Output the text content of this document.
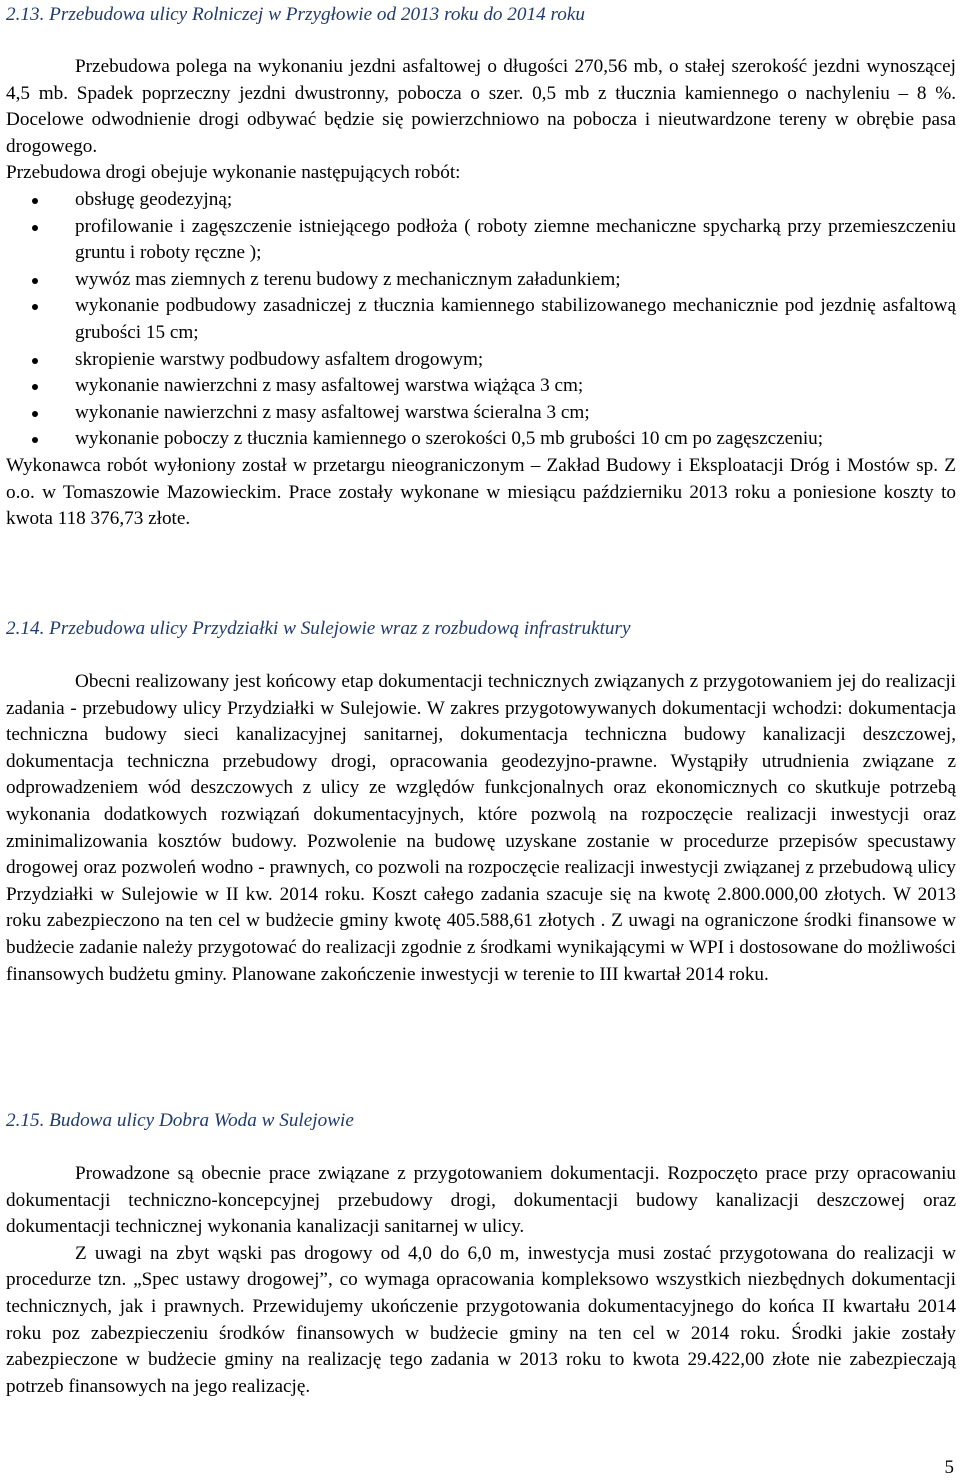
2.13. Przebudowa ulicy Rolniczej w Przygłowie od 2013 roku do 2014 roku

Przebudowa polega na wykonaniu jezdni asfaltowej o długości 270,56 mb, o stałej szerokość jezdni wynoszącej 4,5 mb. Spadek poprzeczny jezdni dwustronny, pobocza o szer. 0,5 mb z tłucznia kamiennego o nachyleniu – 8 %. Docelowe odwodnienie drogi odbywać będzie się powierzchniowo na pobocza i nieutwardzone tereny w obrębie pasa drogowego.

Przebudowa drogi obejuje wykonanie następujących robót:

obsługę geodezyjną;
profilowanie i zagęszczenie istniejącego podłoża ( roboty ziemne mechaniczne spycharką przy przemieszczeniu gruntu i roboty ręczne );
wywóz mas ziemnych z terenu budowy z mechanicznym załadunkiem;
wykonanie podbudowy zasadniczej z tłucznia kamiennego stabilizowanego mechanicznie pod jezdnię asfaltową grubości 15 cm;
skropienie warstwy podbudowy asfaltem drogowym;
wykonanie nawierzchni z masy asfaltowej warstwa wiążąca 3 cm;
wykonanie nawierzchni z masy asfaltowej warstwa ścieralna 3 cm;
wykonanie poboczy z tłucznia kamiennego o szerokości 0,5 mb grubości 10 cm po zagęszczeniu;

Wykonawca robót wyłoniony został w przetargu nieograniczonym – Zakład Budowy i Eksploatacji Dróg i Mostów sp. Z o.o. w Tomaszowie Mazowieckim. Prace zostały wykonane w miesiącu październiku 2013 roku a poniesione koszty to kwota 118 376,73 złote.

2.14. Przebudowa ulicy Przydziałki w Sulejowie wraz z rozbudową infrastruktury

Obecni realizowany jest końcowy etap dokumentacji technicznych związanych z przygotowaniem jej do realizacji zadania - przebudowy ulicy Przydziałki w Sulejowie. W zakres przygotowywanych dokumentacji wchodzi: dokumentacja techniczna budowy sieci kanalizacyjnej sanitarnej, dokumentacja techniczna budowy kanalizacji deszczowej, dokumentacja techniczna przebudowy drogi, opracowania geodezyjno-prawne. Wystąpiły utrudnienia związane z odprowadzeniem wód deszczowych z ulicy ze względów funkcjonalnych oraz ekonomicznych co skutkuje potrzebą wykonania dodatkowych rozwiązań dokumentacyjnych, które pozwolą na rozpoczęcie realizacji inwestycji oraz zminimalizowania kosztów budowy. Pozwolenie na budowę uzyskane zostanie w procedurze przepisów specustawy drogowej oraz pozwoleń wodno - prawnych, co pozwoli na rozpoczęcie realizacji inwestycji związanej z przebudową ulicy Przydziałki w Sulejowie w II kw. 2014 roku. Koszt całego zadania szacuje się na kwotę 2.800.000,00 złotych. W 2013 roku zabezpieczono na ten cel w budżecie gminy kwotę 405.588,61 złotych . Z uwagi na ograniczone środki finansowe w budżecie zadanie należy przygotować do realizacji zgodnie z środkami wynikającymi w WPI i dostosowane do możliwości finansowych budżetu gminy. Planowane zakończenie inwestycji w terenie to III kwartał 2014 roku.

2.15. Budowa ulicy Dobra Woda w Sulejowie

Prowadzone są obecnie prace związane z przygotowaniem dokumentacji. Rozpoczęto prace przy opracowaniu dokumentacji techniczno-koncepcyjnej przebudowy drogi, dokumentacji budowy kanalizacji deszczowej oraz dokumentacji technicznej wykonania kanalizacji sanitarnej w ulicy.

Z uwagi na zbyt wąski pas drogowy od 4,0 do 6,0 m, inwestycja musi zostać przygotowana do realizacji w procedurze tzn. „Spec ustawy drogowej”, co wymaga opracowania kompleksowo wszystkich niezbędnych dokumentacji technicznych, jak i prawnych. Przewidujemy ukończenie przygotowania dokumentacyjnego do końca II kwartału 2014 roku poz zabezpieczeniu środków finansowych w budżecie gminy na ten cel w 2014 roku. Środki jakie zostały zabezpieczone w budżecie gminy na realizację tego zadania w 2013 roku to kwota 29.422,00 złote nie zabezpieczają potrzeb finansowych na jego realizację.

5
